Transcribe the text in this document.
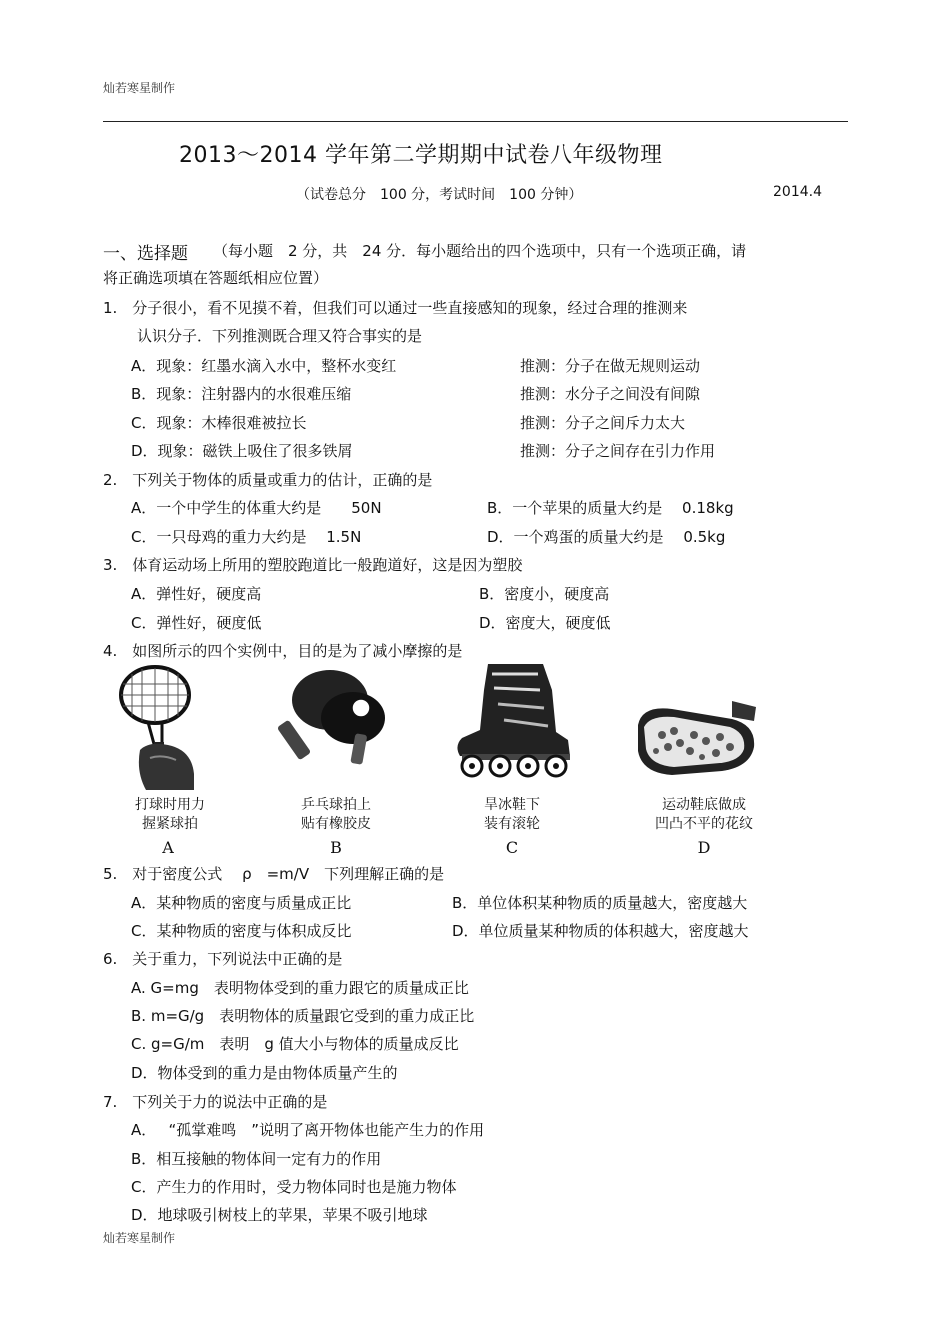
灿若寒星制作
2013～2014 学年第二学期期中试卷八年级物理
（试卷总分　100 分，考试时间　100 分钟）	2014.4
一、选择题 （每小题　2 分，共　24 分．每小题给出的四个选项中，只有一个选项正确，请
将正确选项填在答题纸相应位置）
1.　分子很小，看不见摸不着，但我们可以通过一些直接感知的现象，经过合理的推测来
认识分子．下列推测既合理又符合事实的是
A．现象：红墨水滴入水中，整杯水变红	推测：分子在做无规则运动
B．现象：注射器内的水很难压缩	推测：水分子之间没有间隙
C．现象：木棒很难被拉长	推测：分子之间斥力太大
D．现象：磁铁上吸住了很多铁屑	推测：分子之间存在引力作用
2.　下列关于物体的质量或重力的估计，正确的是
A．一个中学生的体重大约是　　50N	B．一个苹果的质量大约是　 0.18kg
C．一只母鸡的重力大约是　 1.5N	D．一个鸡蛋的质量大约是　 0.5kg
3.　体育运动场上所用的塑胶跑道比一般跑道好，这是因为塑胶
A．弹性好，硬度高	B．密度小，硬度高
C．弹性好，硬度低	D．密度大，硬度低
4.　如图所示的四个实例中，目的是为了减小摩擦的是
打球时用力
握紧球拍
A
乒乓球拍上
贴有橡胶皮
B
旱冰鞋下
装有滚轮
C
运动鞋底做成
凹凸不平的花纹
D
5.　对于密度公式　 ρ　=m/V　下列理解正确的是
A．某种物质的密度与质量成正比	B．单位体积某种物质的质量越大，密度越大
C．某种物质的密度与体积成反比	D．单位质量某种物质的体积越大，密度越大
6.　关于重力，下列说法中正确的是
A. G=mg　表明物体受到的重力跟它的质量成正比
B. m=G/g　表明物体的质量跟它受到的重力成正比
C. g=G/m　表明　g 值大小与物体的质量成反比
D．物体受到的重力是由物体质量产生的
7.　下列关于力的说法中正确的是
A．　 “孤掌难鸣　”说明了离开物体也能产生力的作用
B．相互接触的物体间一定有力的作用
C．产生力的作用时，受力物体同时也是施力物体
D．地球吸引树枝上的苹果，苹果不吸引地球
灿若寒星制作
